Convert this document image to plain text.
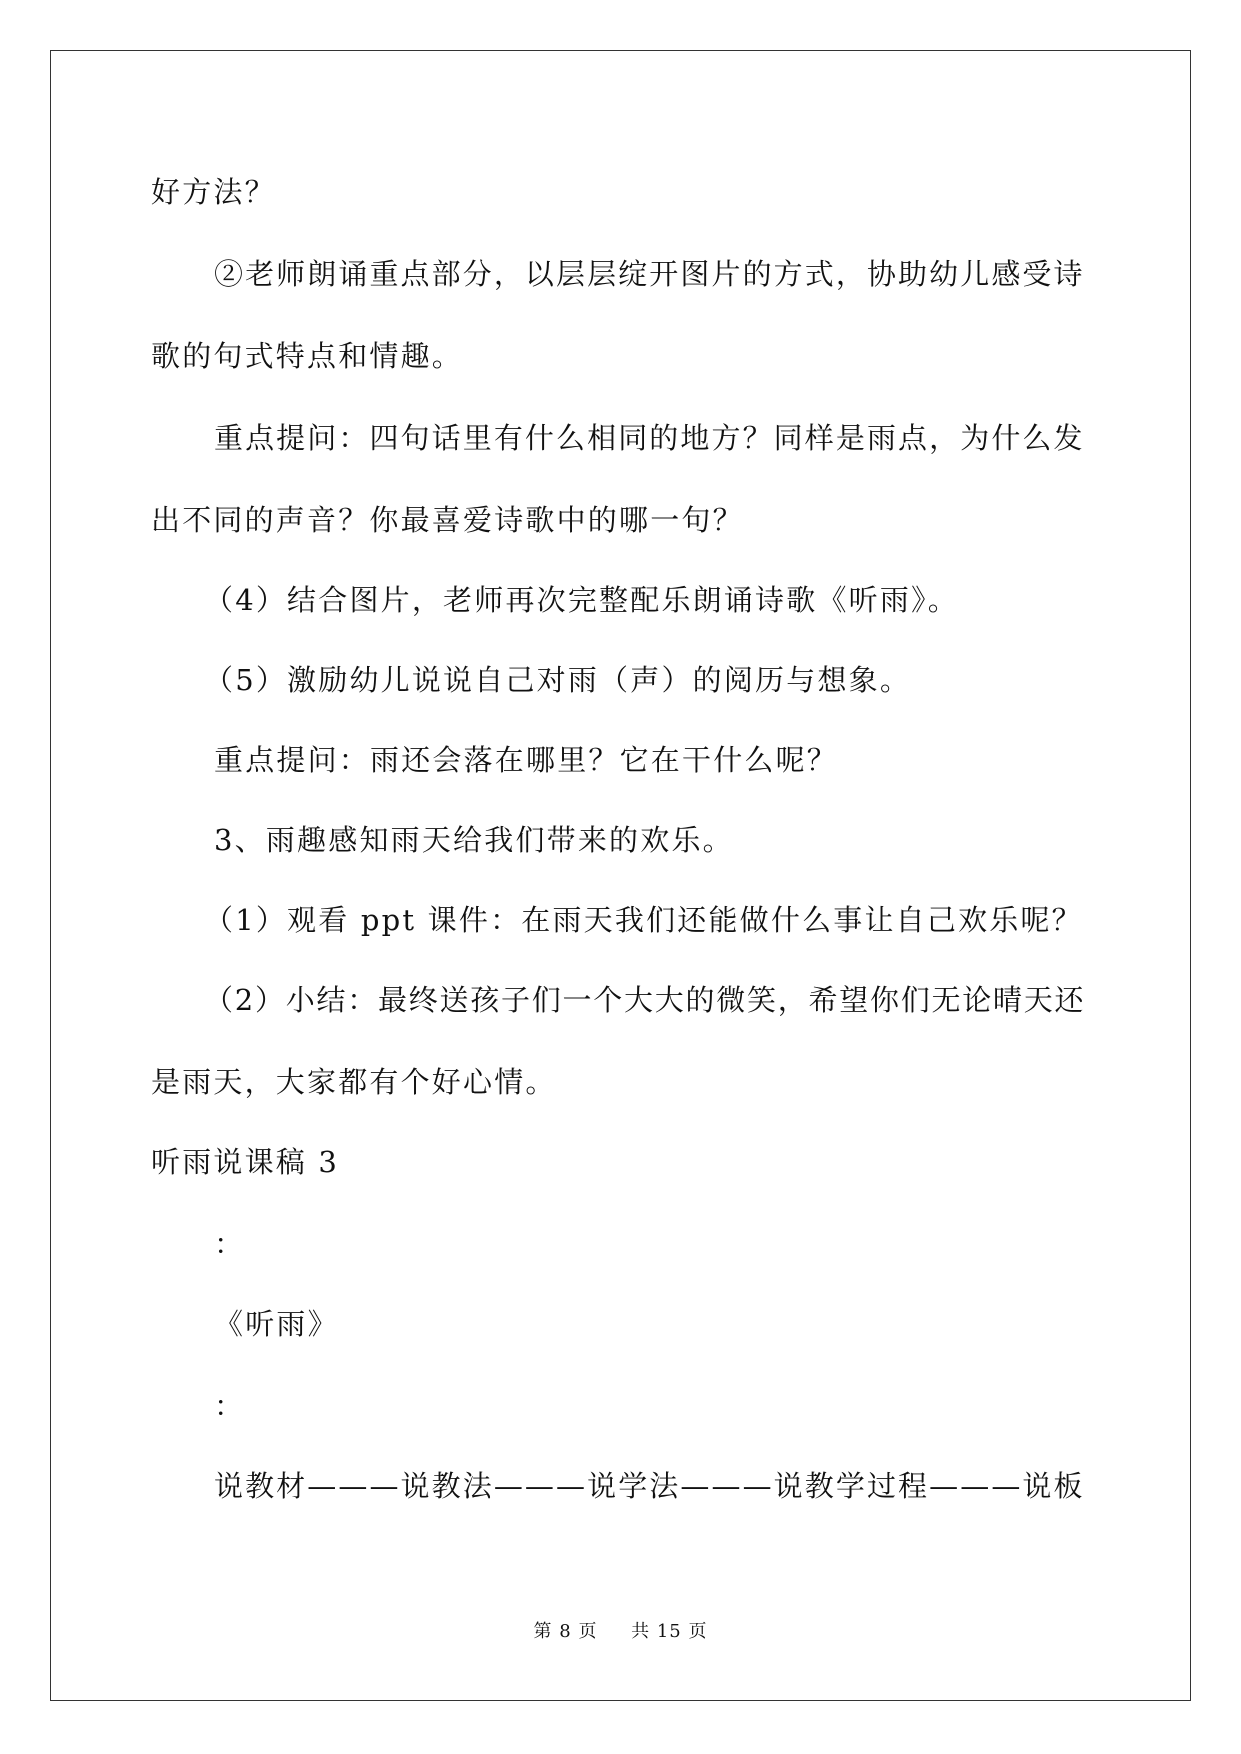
好方法？
②老师朗诵重点部分，以层层绽开图片的方式，协助幼儿感受诗
歌的句式特点和情趣。
重点提问：四句话里有什么相同的地方？同样是雨点，为什么发
出不同的声音？你最喜爱诗歌中的哪一句？
（4）结合图片，老师再次完整配乐朗诵诗歌《听雨》。
（5）激励幼儿说说自己对雨（声）的阅历与想象。
重点提问：雨还会落在哪里？它在干什么呢？
3、雨趣感知雨天给我们带来的欢乐。
（1）观看 ppt 课件：在雨天我们还能做什么事让自己欢乐呢？
（2）小结：最终送孩子们一个大大的微笑，希望你们无论晴天还
是雨天，大家都有个好心情。
听雨说课稿 3
：
《听雨》
：
说教材———说教法———说学法———说教学过程———说板
第 8 页 共 15 页
